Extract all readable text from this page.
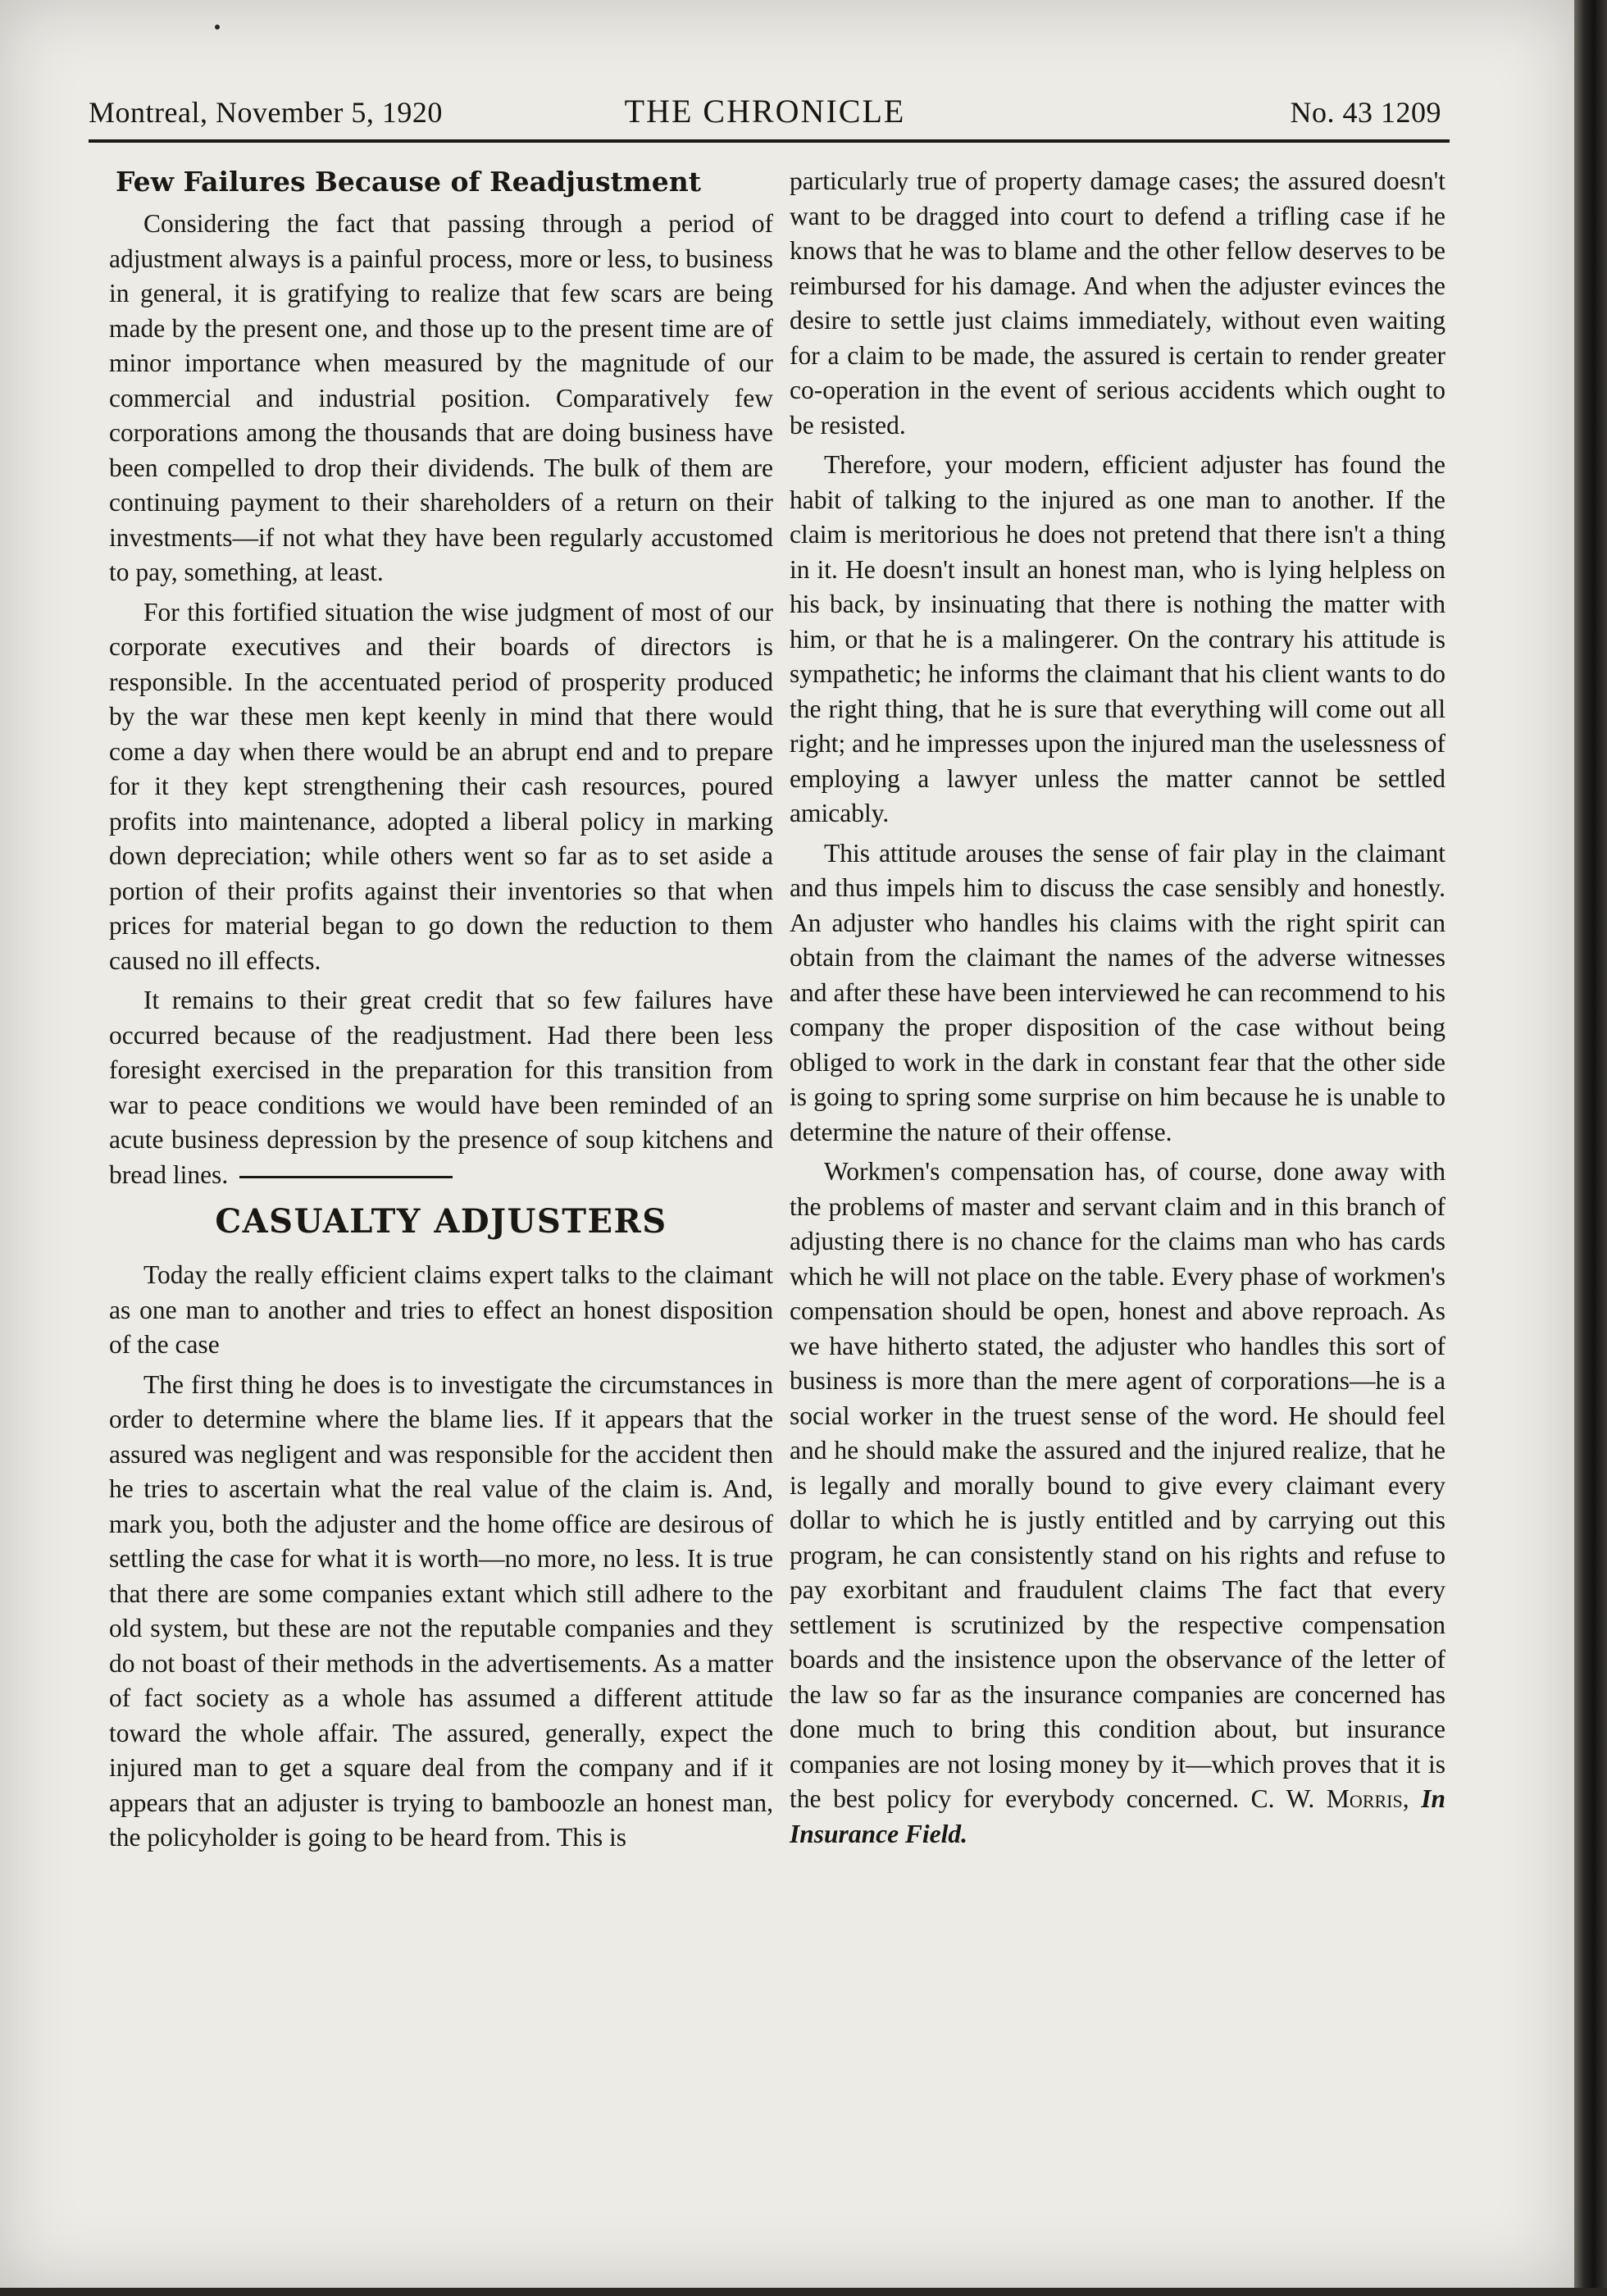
Montreal, November 5, 1920	THE CHRONICLE	No. 43 1209
Few Failures Because of Readjustment

Considering the fact that passing through a period of adjustment always is a painful process, more or less, to business in general, it is gratifying to realize that few scars are being made by the present one, and those up to the present time are of minor importance when measured by the magnitude of our commercial and industrial position. Comparatively few corporations among the thousands that are doing business have been compelled to drop their dividends. The bulk of them are continuing payment to their shareholders of a return on their investments—if not what they have been regularly accustomed to pay, something, at least.

For this fortified situation the wise judgment of most of our corporate executives and their boards of directors is responsible. In the accentuated period of prosperity produced by the war these men kept keenly in mind that there would come a day when there would be an abrupt end and to prepare for it they kept strengthening their cash resources, poured profits into maintenance, adopted a liberal policy in marking down depreciation; while others went so far as to set aside a portion of their profits against their inventories so that when prices for material began to go down the reduction to them caused no ill effects.

It remains to their great credit that so few failures have occurred because of the readjustment. Had there been less foresight exercised in the preparation for this transition from war to peace conditions we would have been reminded of an acute business depression by the presence of soup kitchens and bread lines.

CASUALTY ADJUSTERS

Today the really efficient claims expert talks to the claimant as one man to another and tries to effect an honest disposition of the case

The first thing he does is to investigate the circumstances in order to determine where the blame lies. If it appears that the assured was negligent and was responsible for the accident then he tries to ascertain what the real value of the claim is. And, mark you, both the adjuster and the home office are desirous of settling the case for what it is worth—no more, no less. It is true that there are some companies extant which still adhere to the old system, but these are not the reputable companies and they do not boast of their methods in the advertisements. As a matter of fact society as a whole has assumed a different attitude toward the whole affair. The assured, generally, expect the injured man to get a square deal from the company and if it appears that an adjuster is trying to bamboozle an honest man, the policyholder is going to be heard from. This is

particularly true of property damage cases; the assured doesn't want to be dragged into court to defend a trifling case if he knows that he was to blame and the other fellow deserves to be reimbursed for his damage. And when the adjuster evinces the desire to settle just claims immediately, without even waiting for a claim to be made, the assured is certain to render greater co-operation in the event of serious accidents which ought to be resisted.

Therefore, your modern, efficient adjuster has found the habit of talking to the injured as one man to another. If the claim is meritorious he does not pretend that there isn't a thing in it. He doesn't insult an honest man, who is lying helpless on his back, by insinuating that there is nothing the matter with him, or that he is a malingerer. On the contrary his attitude is sympathetic; he informs the claimant that his client wants to do the right thing, that he is sure that everything will come out all right; and he impresses upon the injured man the uselessness of employing a lawyer unless the matter cannot be settled amicably.

This attitude arouses the sense of fair play in the claimant and thus impels him to discuss the case sensibly and honestly. An adjuster who handles his claims with the right spirit can obtain from the claimant the names of the adverse witnesses and after these have been interviewed he can recommend to his company the proper disposition of the case without being obliged to work in the dark in constant fear that the other side is going to spring some surprise on him because he is unable to determine the nature of their offense.

Workmen's compensation has, of course, done away with the problems of master and servant claim and in this branch of adjusting there is no chance for the claims man who has cards which he will not place on the table. Every phase of workmen's compensation should be open, honest and above reproach. As we have hitherto stated, the adjuster who handles this sort of business is more than the mere agent of corporations—he is a social worker in the truest sense of the word. He should feel and he should make the assured and the injured realize, that he is legally and morally bound to give every claimant every dollar to which he is justly entitled and by carrying out this program, he can consistently stand on his rights and refuse to pay exorbitant and fraudulent claims The fact that every settlement is scrutinized by the respective compensation boards and the insistence upon the observance of the letter of the law so far as the insurance companies are concerned has done much to bring this condition about, but insurance companies are not losing money by it—which proves that it is the best policy for everybody concerned. C. W. Morris, In Insurance Field.
